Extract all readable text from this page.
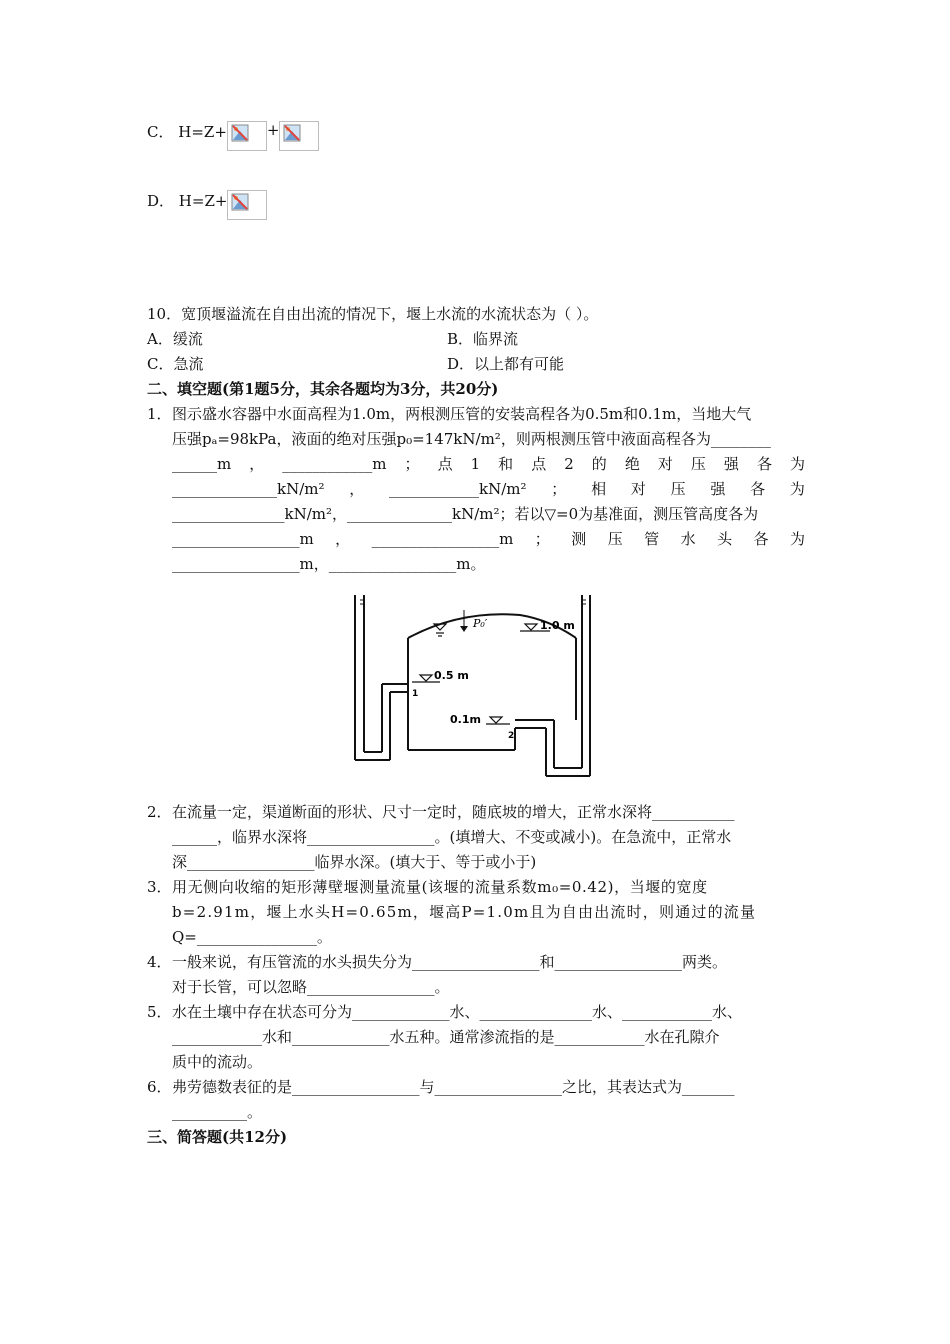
C． H=Z+	+
D． H=Z+
10．宽顶堰溢流在自由出流的情况下，堰上水流的水流状态为（ ）。
A．缓流	B．临界流
C．急流	D．以上都有可能
二、填空题(第1题5分，其余各题均为3分，共20分)
1． 图示盛水容器中水面高程为1.0m，两根测压管的安装高程各为0.5m和0.1m，当地大气
压强pₐ=98kPa，液面的绝对压强p₀=147kN/m²，则两根测压管中液面高程各为________
______m ， ____________m ； 点 1 和 点 2 的 绝 对 压 强 各 为
______________kN/m² ， ____________kN/m² ； 相 对 压 强 各 为
_______________kN/m²，______________kN/m²；若以▽=0为基准面，测压管高度各为
_________________m ， _________________m ； 测 压 管 水 头 各 为
_________________m，_________________m。
P₀′	1.0 m
0.5 m
0.1m
1
2
2． 在流量一定，渠道断面的形状、尺寸一定时，随底坡的增大，正常水深将___________
______，临界水深将_________________。(填增大、不变或减小)。在急流中，正常水
深_________________临界水深。(填大于、等于或小于)
3． 用无侧向收缩的矩形薄壁堰测量流量(该堰的流量系数m₀=0.42)，当堰的宽度
b=2.91m，堰上水头H=0.65m，堰高P=1.0m且为自由出流时，则通过的流量
Q=________________。
4． 一般来说，有压管流的水头损失分为_________________和_________________两类。
对于长管，可以忽略_________________。
5． 水在土壤中存在状态可分为_____________水、_______________水、____________水、
____________水和_____________水五种。通常渗流指的是____________水在孔隙介
质中的流动。
6． 弗劳德数表征的是_________________与_________________之比，其表达式为_______
__________。
三、简答题(共12分)
